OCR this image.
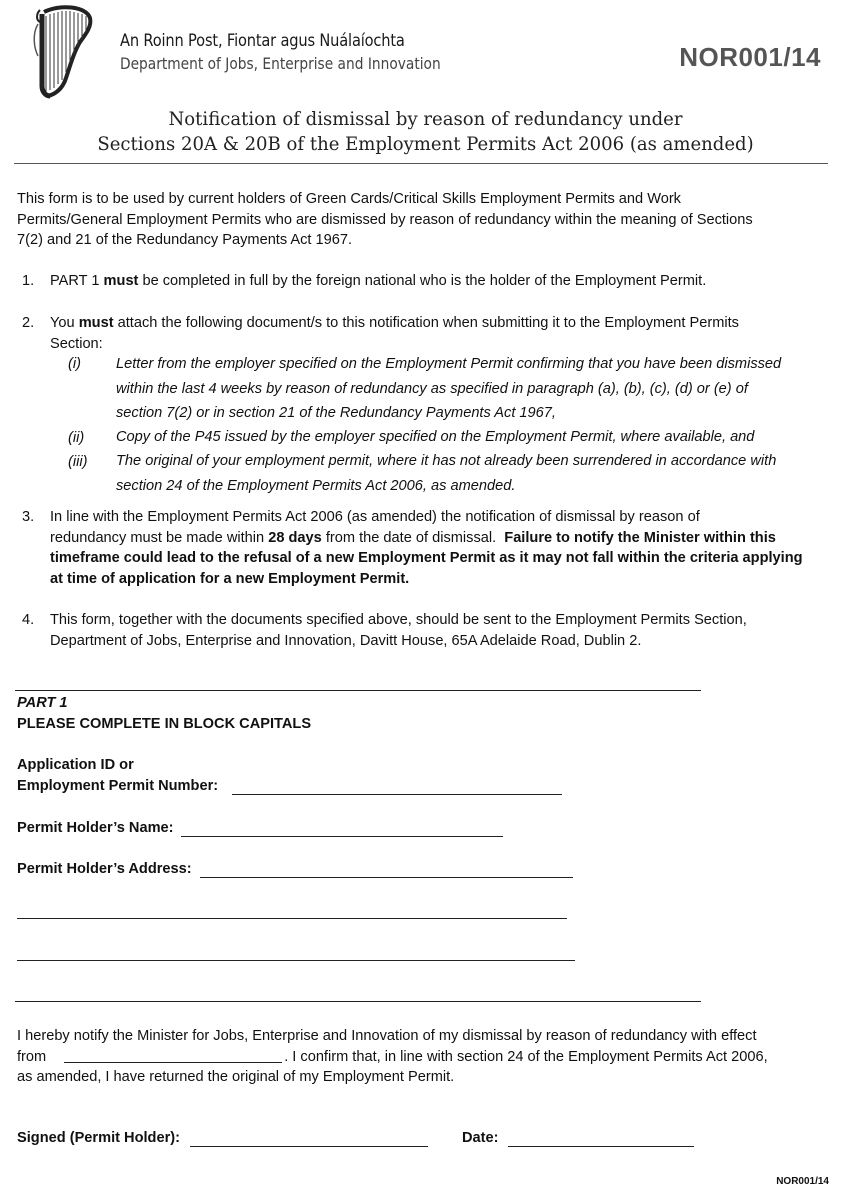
An Roinn Post, Fiontar agus Nuálaíochta
Department of Jobs, Enterprise and Innovation	NOR001/14
Notification of dismissal by reason of redundancy under
Sections 20A & 20B of the Employment Permits Act 2006 (as amended)
This form is to be used by current holders of Green Cards/Critical Skills Employment Permits and Work
Permits/General Employment Permits who are dismissed by reason of redundancy within the meaning of Sections
7(2) and 21 of the Redundancy Payments Act 1967.
1. PART 1 must be completed in full by the foreign national who is the holder of the Employment Permit.
2. You must attach the following document/s to this notification when submitting it to the Employment Permits
Section:
(i) Letter from the employer specified on the Employment Permit confirming that you have been dismissed
within the last 4 weeks by reason of redundancy as specified in paragraph (a), (b), (c), (d) or (e) of
section 7(2) or in section 21 of the Redundancy Payments Act 1967,
(ii) Copy of the P45 issued by the employer specified on the Employment Permit, where available, and
(iii) The original of your employment permit, where it has not already been surrendered in accordance with
section 24 of the Employment Permits Act 2006, as amended.
3. In line with the Employment Permits Act 2006 (as amended) the notification of dismissal by reason of
redundancy must be made within 28 days from the date of dismissal.  Failure to notify the Minister within this
timeframe could lead to the refusal of a new Employment Permit as it may not fall within the criteria applying
at time of application for a new Employment Permit.
4. This form, together with the documents specified above, should be sent to the Employment Permits Section,
Department of Jobs, Enterprise and Innovation, Davitt House, 65A Adelaide Road, Dublin 2.
PART 1
PLEASE COMPLETE IN BLOCK CAPITALS
Application ID or
Employment Permit Number:
Permit Holder’s Name:
Permit Holder’s Address:
I hereby notify the Minister for Jobs, Enterprise and Innovation of my dismissal by reason of redundancy with effect
from	. I confirm that, in line with section 24 of the Employment Permits Act 2006,
as amended, I have returned the original of my Employment Permit.
Signed (Permit Holder):	Date:
NOR001/14
